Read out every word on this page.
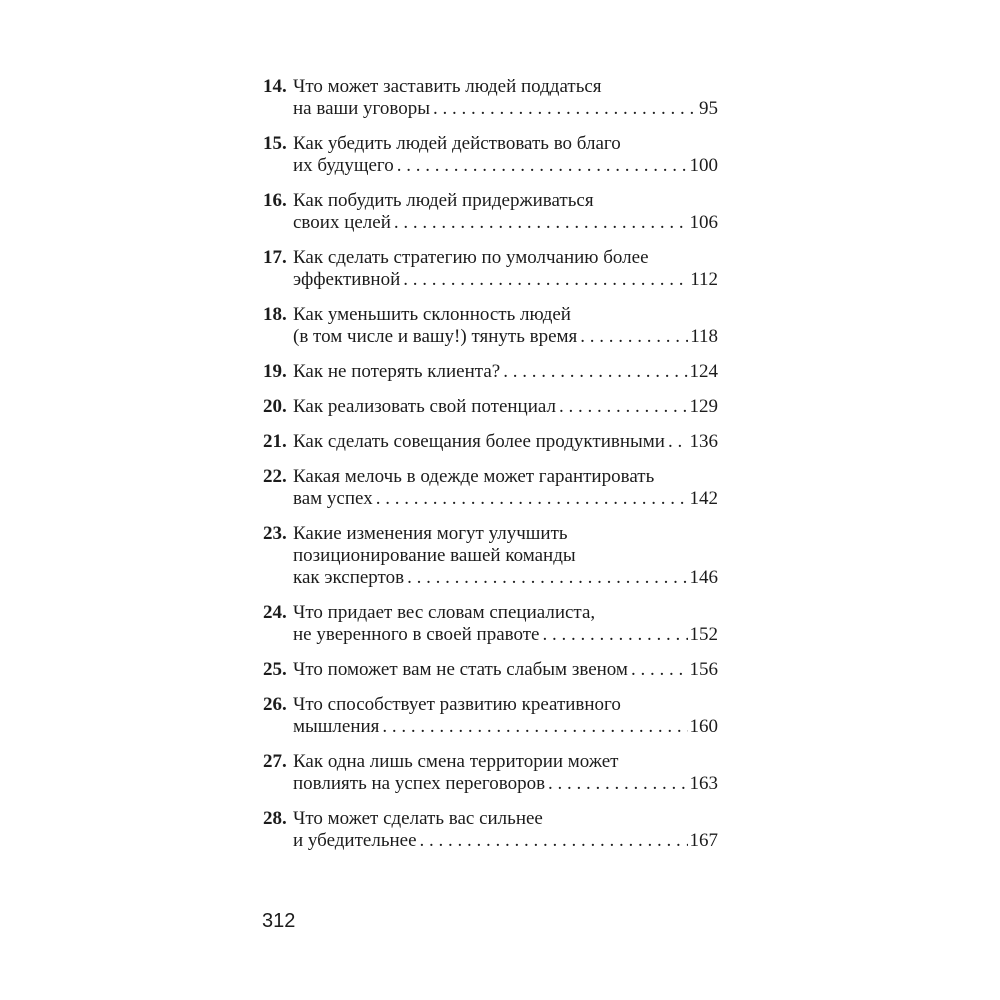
14. Что может заставить людей поддаться
на ваши уговоры . . .	95
15. Как убедить людей действовать во благо
их будущего . . .	100
16. Как побудить людей придерживаться
своих целей . . .	106
17. Как сделать стратегию по умолчанию более
эффективной . . .	112
18. Как уменьшить склонность людей
(в том числе и вашу!) тянуть время . . .	118
19. Как не потерять клиента? . . .	124
20. Как реализовать свой потенциал . . .	129
21. Как сделать совещания более продуктивными . . . 136
22. Какая мелочь в одежде может гарантировать
вам успех . . .	142
23. Какие изменения могут улучшить
позиционирование вашей команды
как экспертов . . .	146
24. Что придает вес словам специалиста,
не уверенного в своей правоте . . .	152
25. Что поможет вам не стать слабым звеном . . .	156
26. Что способствует развитию креативного
мышления . . .	160
27. Как одна лишь смена территории может
повлиять на успех переговоров . . .	163
28. Что может сделать вас сильнее
и убедительнее . . .	167
312
